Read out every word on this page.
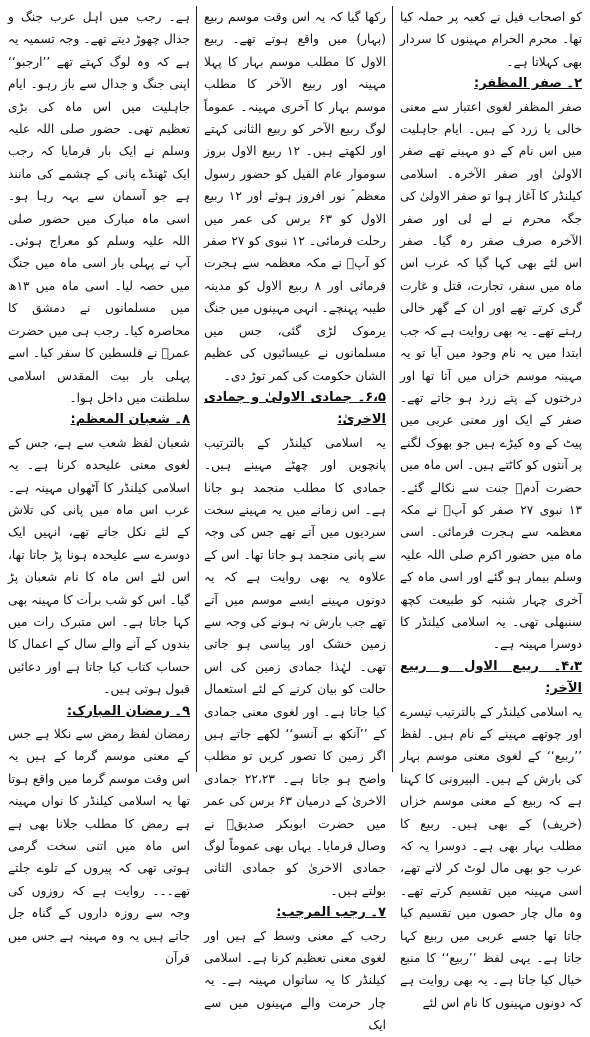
ہے۔ رجب میں اہل عرب جنگ و جدال چھوڑ دیتے تھے۔ وجہ تسمیہ یہ ہے کہ وہ لوگ کہتے تھے ’’ارجبو‘‘ اپنی جنگ و جدال سے باز رہو۔ ایام جاہلیت میں اس ماہ کی بڑی تعظیم تھی۔ حضور صلی اللہ علیہ وسلم نے ایک بار فرمایا کہ رجب ایک ٹھنڈے پانی کے چشمے کی مانند ہے جو آسمان سے بہہ رہا ہو۔ اسی ماہ مبارک میں حضور صلی اللہ علیہ وسلم کو معراج ہوئی۔ آپ نے پہلی بار اسی ماہ میں جنگ میں حصہ لیا۔ اسی ماہ میں ۱۳ھ میں مسلمانوں نے دمشق کا محاصرہ کیا۔ رجب ہی میں حضرت عمرؓ نے فلسطین کا سفر کیا۔ اسے پہلی بار بیت المقدس اسلامی سلطنت میں داخل ہوا۔

۸۔ شعبان المعظم:

شعبان لفظ شعب سے ہے، جس کے لغوی معنی علیحدہ کرنا ہے۔ یہ اسلامی کیلنڈر کا آٹھواں مہینہ ہے۔ عرب اس ماہ میں پانی کی تلاش کے لئے نکل جاتے تھے، انہیں ایک دوسرے سے علیحدہ ہونا پڑ جاتا تھا، اس لئے اس ماہ کا نام شعبان پڑ گیا۔ اس کو شب برأت کا مہینہ بھی کہا جاتا ہے۔ اس متبرک رات میں بندوں کے آنے والے سال کے اعمال کا حساب کتاب کیا جاتا ہے اور دعائیں قبول ہوتی ہیں۔

۹۔ رمضان المبارک:

رمضان لفظ رمض سے نکلا ہے جس کے معنی موسم گرما کے ہیں یہ اس وقت موسم گرما میں واقع ہوتا تھا یہ اسلامی کیلنڈر کا نواں مہینہ ہے رمض کا مطلب جلانا بھی ہے اس ماہ میں اتنی سخت گرمی ہوتی تھی کہ پیروں کے تلوے جلتے تھے۔۔۔ روایت ہے کہ روزوں کی وجہ سے روزہ داروں کے گناہ جل جاتے ہیں یہ وہ مہینہ ہے جس میں قرآن

رکھا گیا کہ یہ اس وقت موسم ربیع (بہار) میں واقع ہوتے تھے۔ ربیع الاول کا مطلب موسم بہار کا پہلا مہینہ اور ربیع الآخر کا مطلب موسم بہار کا آخری مہینہ۔ عموماً لوگ ربیع الآخر کو ربیع الثانی کہتے اور لکھتے ہیں۔ ۱۲ ربیع الاول بروز سوموار عام الفیل کو حضور رسول معظم ؐ نور افروز ہوئے اور ۱۲ ربیع الاول کو ۶۳ برس کی عمر میں رحلت فرمائی۔ ۱۲ نبوی کو ۲۷ صفر کو آپؐ نے مکہ معظمہ سے ہجرت فرمائی اور ۸ ربیع الاول کو مدینہ طیبہ پہنچے۔ انہی مہینوں میں جنگ یرموک لڑی گئی، جس میں مسلمانوں نے عیسائیوں کی عظیم الشان حکومت کی کمر توڑ دی۔

۶،۵۔ جمادی الاولیٰ و جمادی الاخریٰ:

یہ اسلامی کیلنڈر کے بالترتیب پانچویں اور چھٹے مہینے ہیں۔ جمادی کا مطلب منجمد ہو جانا ہے۔ اس زمانے میں یہ مہینے سخت سردیوں میں آتے تھے جس کی وجہ سے پانی منجمد ہو جاتا تھا۔ اس کے علاوہ یہ بھی روایت ہے کہ یہ دونوں مہینے ایسے موسم میں آتے تھے جب بارش نہ ہونے کی وجہ سے زمین خشک اور پیاسی ہو جاتی تھی۔ لہٰذا جمادی زمین کی اس حالت کو بیان کرنے کے لئے استعمال کیا جاتا ہے۔ اور لغوی معنی جمادی کے ’’آنکھ بے آنسو‘‘ لکھے جاتے ہیں اگر زمین کا تصور کریں تو مطلب واضح ہو جاتا ہے۔ ۲۲،۲۳ جمادی الاخریٰ کے درمیان ۶۳ برس کی عمر میں حضرت ابوبکر صدیقؓ نے وصال فرمایا۔ یہاں بھی عموماً لوگ جمادی الاخریٰ کو جمادی الثانی بولتے ہیں۔

۷۔ رجب المرجب:

رجب کے معنی وسط کے ہیں اور لغوی معنی تعظیم کرنا ہے۔ اسلامی کیلنڈر کا یہ ساتواں مہینہ ہے۔ یہ چار حرمت والے مہینوں میں سے ایک

کو اصحاب فیل نے کعبہ پر حملہ کیا تھا۔ محرم الحرام مہینوں کا سردار بھی کہلاتا ہے۔

۲۔ صفر المظفر:

صفر المظفر لغوی اعتبار سے معنی خالی یا زرد کے ہیں۔ ایام جاہلیت میں اس نام کے دو مہینے تھے صفر الاولیٰ اور صفر الآخرہ۔ اسلامی کیلنڈر کا آغاز ہوا تو صفر الاولیٰ کی جگہ محرم نے لے لی اور صفر الآخرہ صرف صفر رہ گیا۔ صفر اس لئے بھی کہا گیا کہ عرب اس ماہ میں سفر، تجارت، قتل و غارت گری کرتے تھے اور ان کے گھر خالی رہتے تھے۔ یہ بھی روایت ہے کہ جب ابتدا میں یہ نام وجود میں آیا تو یہ مہینہ موسم خزاں میں آتا تھا اور درختوں کے پتے زرد ہو جاتے تھے۔ صفر کے ایک اور معنی عربی میں پیٹ کے وہ کیڑے ہیں جو بھوک لگنے پر آنتوں کو کاٹتے ہیں۔ اس ماہ میں حضرت آدمؑ جنت سے نکالے گئے۔ ۱۳ نبوی ۲۷ صفر کو آپؐ نے مکہ معظمہ سے ہجرت فرمائی۔ اسی ماہ میں حضور اکرم صلی اللہ علیہ وسلم بیمار ہو گئے اور اسی ماہ کے آخری چہار شنبہ کو طبیعت کچھ سنبھلی تھی۔ یہ اسلامی کیلنڈر کا دوسرا مہینہ ہے۔

۴،۳۔ ربیع الاول و ربیع الآخر:

یہ اسلامی کیلنڈر کے بالترتیب تیسرے اور چوتھے مہینے کے نام ہیں۔ لفظ ’’ربیع‘‘ کے لغوی معنی موسم بہار کی بارش کے ہیں۔ البیرونی کا کہنا ہے کہ ربیع کے معنی موسم خزاں (خریف) کے بھی ہیں۔ ربیع کا مطلب بہار بھی ہے۔ دوسرا یہ کہ عرب جو بھی مال لوٹ کر لاتے تھے، اسی مہینہ میں تقسیم کرتے تھے۔ وہ مال چار حصوں میں تقسیم کیا جاتا تھا جسے عربی میں ربیع کہا جاتا ہے۔ یہی لفظ ’’ربیع‘‘ کا منبع خیال کیا جاتا ہے۔ یہ بھی روایت ہے کہ دونوں مہینوں کا نام اس لئے
